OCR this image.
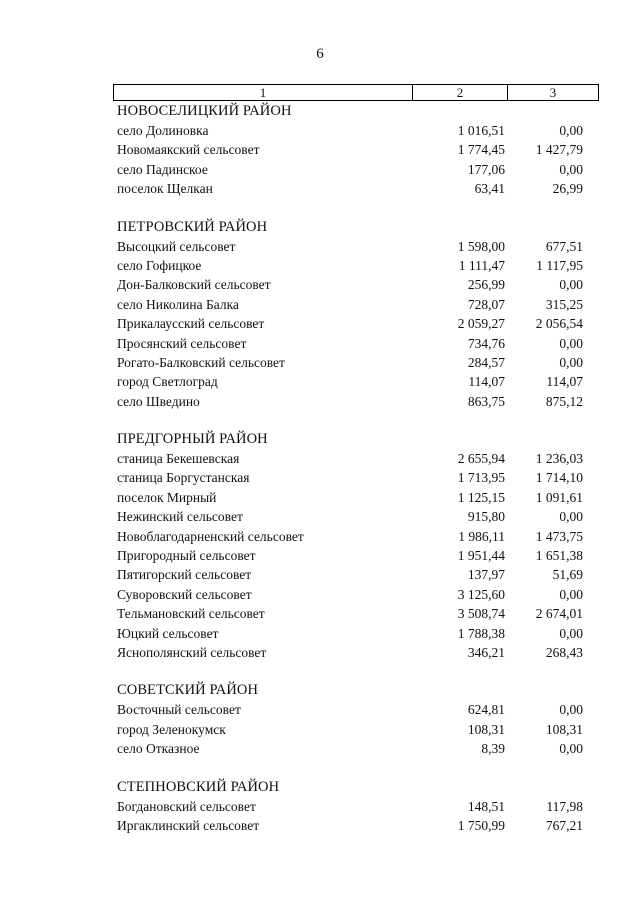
6
1	2	3
НОВОСЕЛИЦКИЙ РАЙОН
село Долиновка	1 016,51	0,00
Новомаякский сельсовет	1 774,45	1 427,79
село Падинское	177,06	0,00
поселок Щелкан	63,41	26,99
ПЕТРОВСКИЙ РАЙОН
Высоцкий сельсовет	1 598,00	677,51
село Гофицкое	1 111,47	1 117,95
Дон-Балковский сельсовет	256,99	0,00
село Николина Балка	728,07	315,25
Прикалаусский сельсовет	2 059,27	2 056,54
Просянский сельсовет	734,76	0,00
Рогато-Балковский сельсовет	284,57	0,00
город Светлоград	114,07	114,07
село Шведино	863,75	875,12
ПРЕДГОРНЫЙ РАЙОН
станица Бекешевская	2 655,94	1 236,03
станица Боргустанская	1 713,95	1 714,10
поселок Мирный	1 125,15	1 091,61
Нежинский сельсовет	915,80	0,00
Новоблагодарненский сельсовет	1 986,11	1 473,75
Пригородный сельсовет	1 951,44	1 651,38
Пятигорский сельсовет	137,97	51,69
Суворовский сельсовет	3 125,60	0,00
Тельмановский сельсовет	3 508,74	2 674,01
Юцкий сельсовет	1 788,38	0,00
Яснополянский сельсовет	346,21	268,43
СОВЕТСКИЙ РАЙОН
Восточный сельсовет	624,81	0,00
город Зеленокумск	108,31	108,31
село Отказное	8,39	0,00
СТЕПНОВСКИЙ РАЙОН
Богдановский сельсовет	148,51	117,98
Иргаклинский сельсовет	1 750,99	767,21
